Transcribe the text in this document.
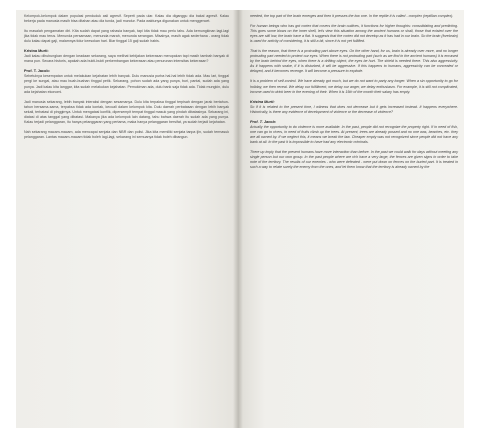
Kelompok-kelompok dalam populasi penduduk asli agresif. Seperti pada ular. Kalau dia diganggu dia bakal agresif. Kalau bekerja pada manusia masih bisa ditahan atau dia tunda, jadi mundur. Pada waktunya digunakan untuk menggencet.

Itu masalah pengamatan diri. Kita sudah dapat yang rahasia banyak, tapi kita tidak mau perlu tahu. Ada kemungkinan lagi-lagi jika tidak mau terus. Menunda persamaan, menunda marah, menunda serangan. Misalnya, masih agak sederhana - orang tidak dulu kalau dapat gaji, malamnya tidur keesokan hari. Biar tinggal 15 gaji sudah habis.

Kristna Murti:

Jadi kalau dihubungkan dengan keadaan sekarang, saya melihat kebijakan kekerasan merupakan tapi masih tambah banyak di mana pun. Secara historis, apakah ada bukti-bukti perkembangan kekerasan atau penurunan intensitas kekerasan?

Prof. T. Jacob:

Sebetulnya kesempatan untuk melakukan kejahatan lebih banyak. Dulu manusia purba hal-hal lebih tidak ada. Mau lari, tinggal pergi ke sungai, atau mau buah-buahan tinggal petik. Sekarang, pohon sudah ada yang punya, buri, pantai, sudah ada yang punya. Jadi kalau kita langgar, kita sudah melakukan kejahatan. Pemukiman ada, dulu bank saja tidak ada. Tidak mungkin, dulu ada kejahatan ekonomi.

Jadi manusia sekarang, lebih banyak interaksi dengan sesamanya. Dulu kita terpaksa tinggal terpisah dengan jarak bertahun-tahun bersama-sama, terpaksa tidak ada kontak, kecuali dalam kelompok kita. Dulu daerah perbatasan dengan lebih banyak sekali, terbatasi di pinggirnya. Untuk mengatasi konflik, dipersempit tempat tinggal masuk yang pindah dibatasinya. Sekarang ini, diatasi di atas tanggal yang dibatasi. Makanya jika ada kelompok lain datang, tahu bahwa daerah itu sudah ada yang punya. Kalau terjadi pelanggaran, itu hanya pelanggaran yang pertama, maka hanya pelanggaran bersifat, ya sudah terjadi kejahatan.

Nah sekarang macam-macam, ada mencapai senjata dan NBR dan polisi. Jika kita memiliki senjata tanpa ijin, sudah termasuk pelanggaran. Lantas macam-macam tidak boleh lagi-lagi, sekarang ini semuanya tidak boleh dibangun.

needed, the top part of the brain emerges and then it presses the low one. In the reptile it is called - complex (reptilian complex).

For human beings who has got cortex that covers the brain outlives, it functions for higher thoughts: consolidating and predicting. This goes some blows on the inner shell, let's view this situation among the ancient humans or shall, those that existed over the eyes are still low, the brain have a flat. It suggests that the cortex did not develop as it has had in our brain. So the brain (forebrain) is used for activity of considering, it is still a bit, since it is not yet fulfilled.

That is the reason, that there is a protruding part above eyes. On the other hand, for us, brain is already over more, and no longer protruding part needed to protect our eyes. When there is not protruding part (such as we find in the ancient humans) it is encased by the brain behind the eyes, when there is a drifting object, the eyes be hurt. The shield is needed there. This also aggressivity. As it happens with snake, if it is disturbed, it will be aggressive. If this happens to humans, aggressivity can be concealed or delayed, and it becomes revenge. It will become a pressure to explode.

It is a problem of self-control. We have already got much, but we do not want to party any longer. When a sin opportunity to go for holiday, we then reveal. We delay our fulfillment, we delay our anger, we delay enthusiasm. For example, it is still not complicated, income used to drink beer in the evening of their. When it is 15th of the month their salary has empty.

Kristna Murti:

So if it is related to the present time, I witness that does not decrease but it gets increased instead. It happens everywhere. Historically, is there any evidence of development of violence or the decrease of violence?

Prof. T. Jacob:

Actually the opportunity to do violence is more available. In the past, people did not recognize the property right. If in need of fish, one can go to rivers, in need of fruits climb up the trees. At present, trees are already possed and no one was, beaches, etc. they are all owned by. If we neglect this, it means we break the law. Cheaper empty was not recognized since people did not have any bank at all. In the past it is impossible to have had any electronic criminals.

There up imply that the present humans have more interaction than before. In the past we could walk for days without meeting any single person but our own group. In the past people where are rich have a very large, the fences are given signs in order to take note of the territory. The results of our enemies - who were defeated - were put down on fences on the buried part. It is treated in such a way to relate surely the enemy from the ones, and let them know that the territory is already owned by the
